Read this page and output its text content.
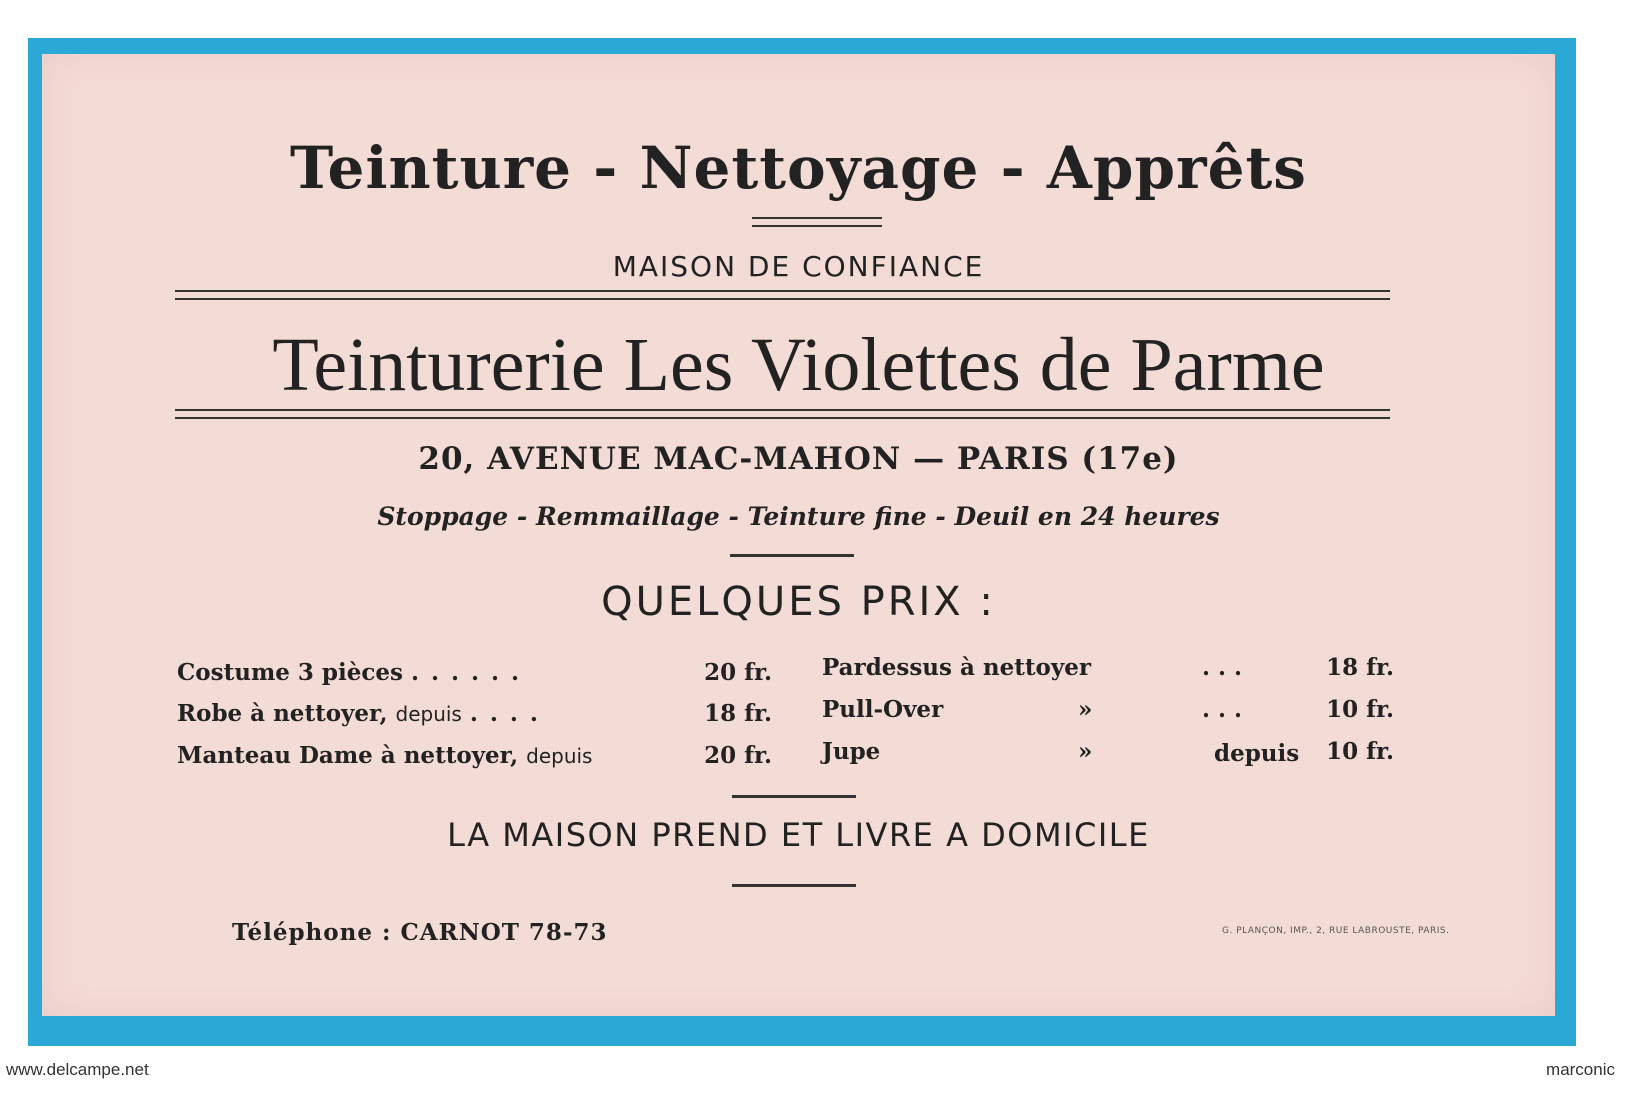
Teinture - Nettoyage - Apprêts
MAISON DE CONFIANCE
Teinturerie Les Violettes de Parme
20, AVENUE MAC-MAHON — PARIS (17e)
Stoppage - Remmaillage - Teinture fine - Deuil en 24 heures
QUELQUES PRIX :
Costume 3 pièces . . . . . .	20 fr.
Robe à nettoyer, depuis . . . .	18 fr.
Manteau Dame à nettoyer, depuis	20 fr.
Pardessus à nettoyer	. . .	18 fr.
Pull-Over	»	. . .	10 fr.
Jupe	»	depuis	10 fr.
LA MAISON PREND ET LIVRE A DOMICILE
Téléphone : CARNOT 78-73	G. PLANÇON, IMP., 2, RUE LABROUSTE, PARIS.
www.delcampe.net	marconic
